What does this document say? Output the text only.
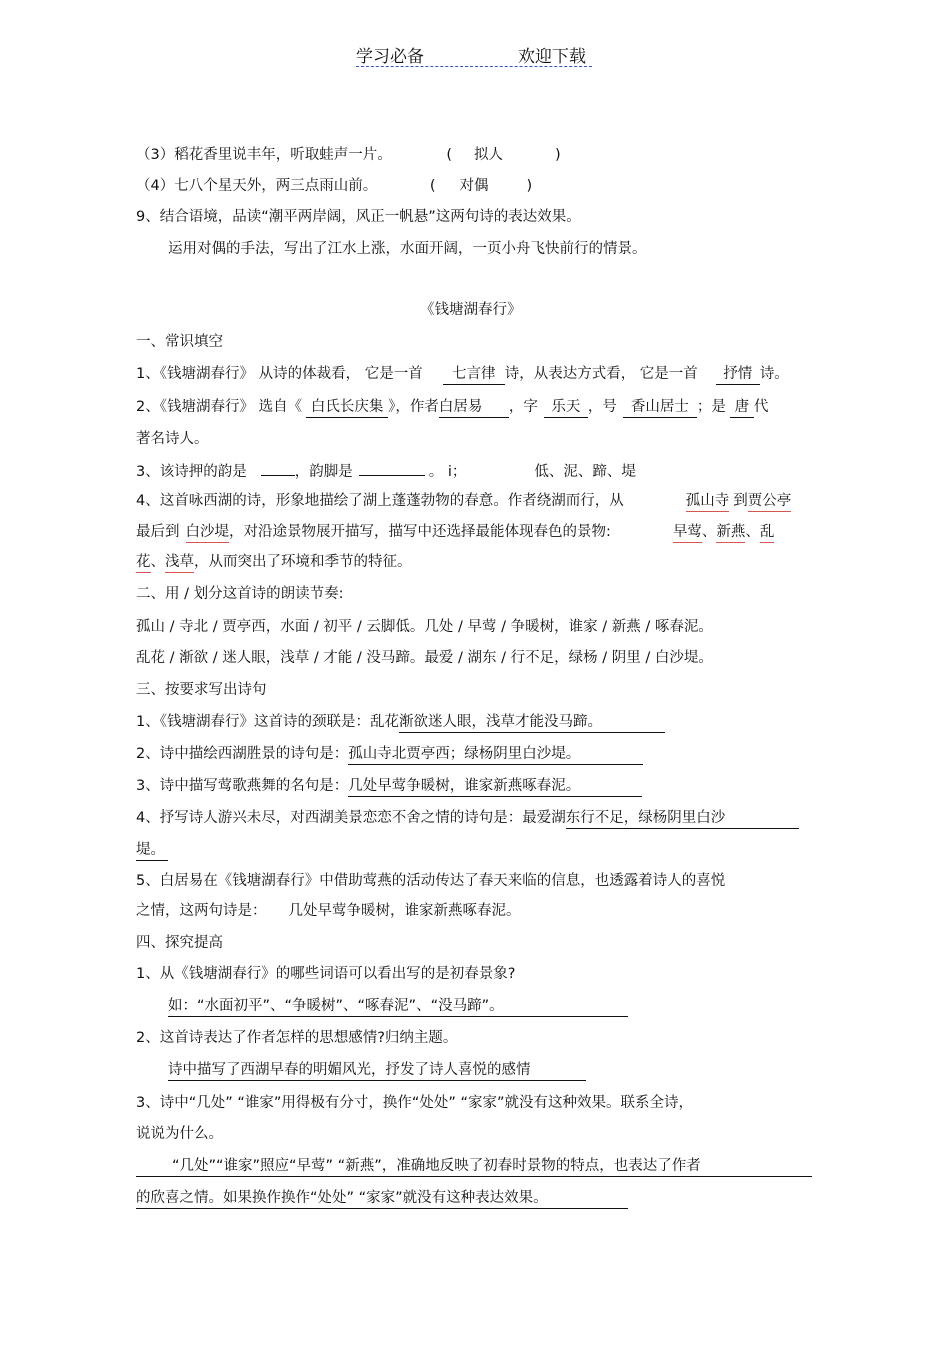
学习必备	欢迎下载
（3）稻花香里说丰年，听取蛙声一片。	( 拟人	)
（4）七八个星天外，两三点雨山前。	( 对偶	)
9、结合语境，品读“潮平两岸阔，风正一帆悬”这两句诗的表达效果。
运用对偶的手法，写出了江水上涨，水面开阔，一页小舟飞快前行的情景。
《钱塘湖春行》
一、常识填空
1、《钱塘湖春行》 从诗的体裁看， 它是一首 七言律 诗，从表达方式看， 它是一首 抒情 诗。
2、《钱塘湖春行》 选自《 白氏长庆集 》，作者白居易 ，字 乐天 ，号 香山居士 ；是 唐 代
著名诗人。
3、该诗押的韵是	，韵脚是	。 i；	低、泥、蹄、堤
4、这首咏西湖的诗，形象地描绘了湖上蓬蓬勃物的春意。作者绕湖而行，从	孤山寺 到贾公亭
最后到 白沙堤，对沿途景物展开描写，描写中还选择最能体现春色的景物:	早莺、新燕、乱
花、浅草，从而突出了环境和季节的特征。
二、用 / 划分这首诗的朗读节奏:
孤山 / 寺北 / 贾亭西，水面 / 初平 / 云脚低。几处 / 早莺 / 争暖树，谁家 / 新燕 / 啄春泥。
乱花 / 渐欲 / 迷人眼，浅草 / 才能 / 没马蹄。最爱 / 湖东 / 行不足，绿杨 / 阴里 / 白沙堤。
三、按要求写出诗句
1、《钱塘湖春行》这首诗的颈联是：乱花渐欲迷人眼，浅草才能没马蹄。
2、诗中描绘西湖胜景的诗句是：孤山寺北贾亭西；绿杨阴里白沙堤。
3、诗中描写莺歌燕舞的名句是：几处早莺争暖树，谁家新燕啄春泥。
4、抒写诗人游兴未尽，对西湖美景恋恋不舍之情的诗句是：最爱湖东行不足，绿杨阴里白沙
堤。
5、白居易在《钱塘湖春行》中借助莺燕的活动传达了春天来临的信息，也透露着诗人的喜悦
之情，这两句诗是： 几处早莺争暖树，谁家新燕啄春泥。
四、探究提高
1、从《钱塘湖春行》的哪些词语可以看出写的是初春景象?
如：“水面初平”、“争暖树”、“啄春泥”、“没马蹄”。
2、这首诗表达了作者怎样的思想感情?归纳主题。
诗中描写了西湖早春的明媚风光，抒发了诗人喜悦的感情
3、诗中“几处” “谁家”用得极有分寸，换作“处处” “家家”就没有这种效果。联系全诗，
说说为什么。
“几处”“谁家”照应“早莺” “新燕”，准确地反映了初春时景物的特点，也表达了作者
的欣喜之情。如果换作换作“处处” “家家”就没有这种表达效果。
